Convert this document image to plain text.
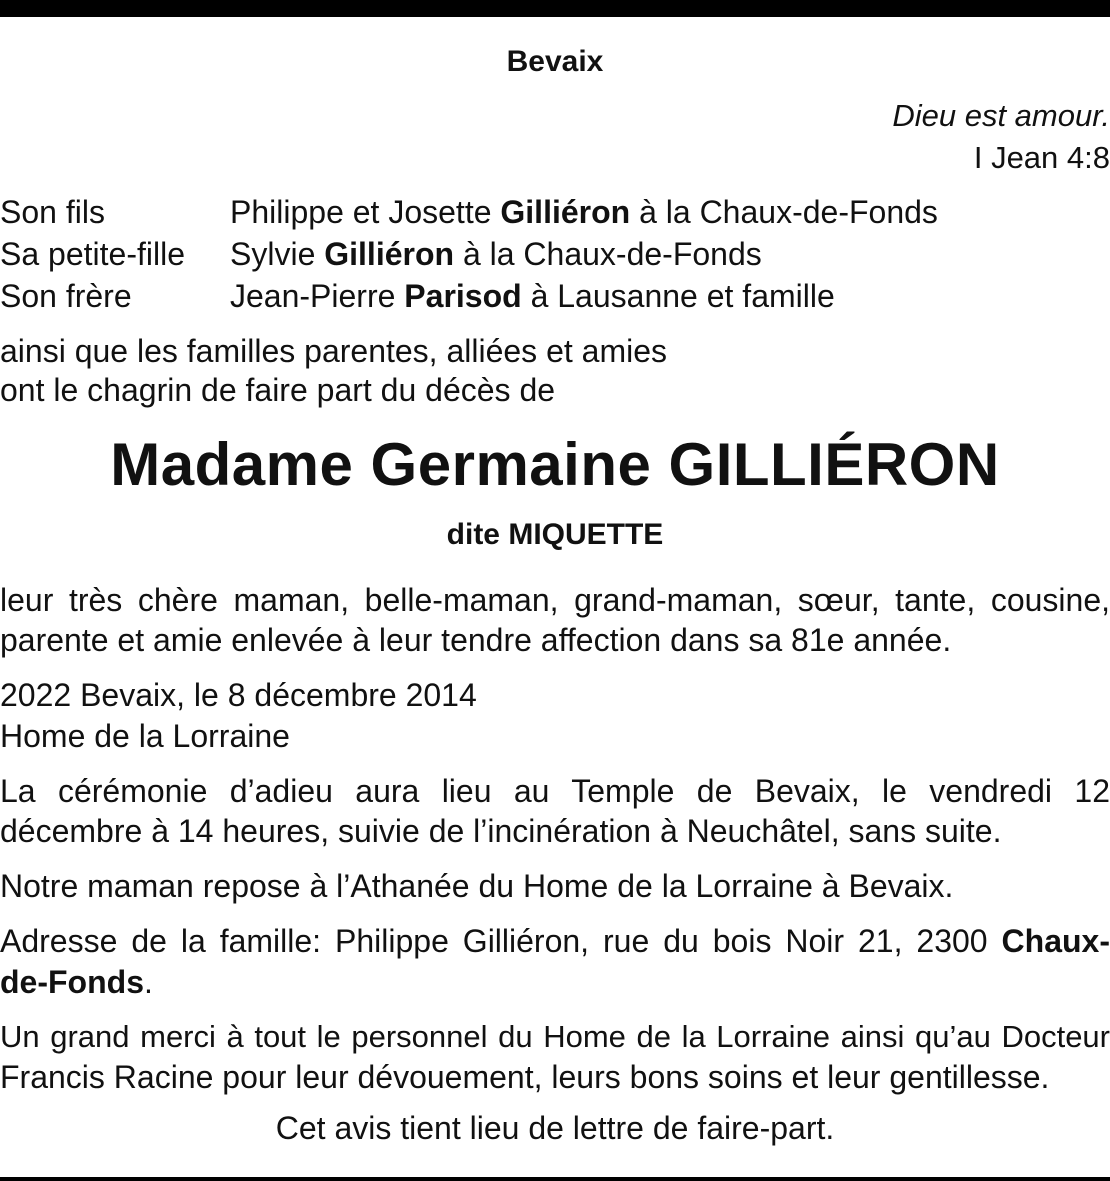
Bevaix
Dieu est amour.
I Jean 4:8
Son fils	Philippe et Josette Gilliéron à la Chaux-de-Fonds
Sa petite-fille	Sylvie Gilliéron à la Chaux-de-Fonds
Son frère	Jean-Pierre Parisod à Lausanne et famille
ainsi que les familles parentes, alliées et amies
ont le chagrin de faire part du décès de
Madame Germaine GILLIÉRON
dite MIQUETTE
leur très chère maman, belle-maman, grand-maman, sœur, tante, cousine,
parente et amie enlevée à leur tendre affection dans sa 81e année.
2022 Bevaix, le 8 décembre 2014
Home de la Lorraine
La cérémonie d’adieu aura lieu au Temple de Bevaix, le vendredi 12
décembre à 14 heures, suivie de l’incinération à Neuchâtel, sans suite.
Notre maman repose à l’Athanée du Home de la Lorraine à Bevaix.
Adresse de la famille: Philippe Gilliéron, rue du bois Noir 21, 2300 Chaux-
de-Fonds.
Un grand merci à tout le personnel du Home de la Lorraine ainsi qu’au Docteur
Francis Racine pour leur dévouement, leurs bons soins et leur gentillesse.
Cet avis tient lieu de lettre de faire-part.
